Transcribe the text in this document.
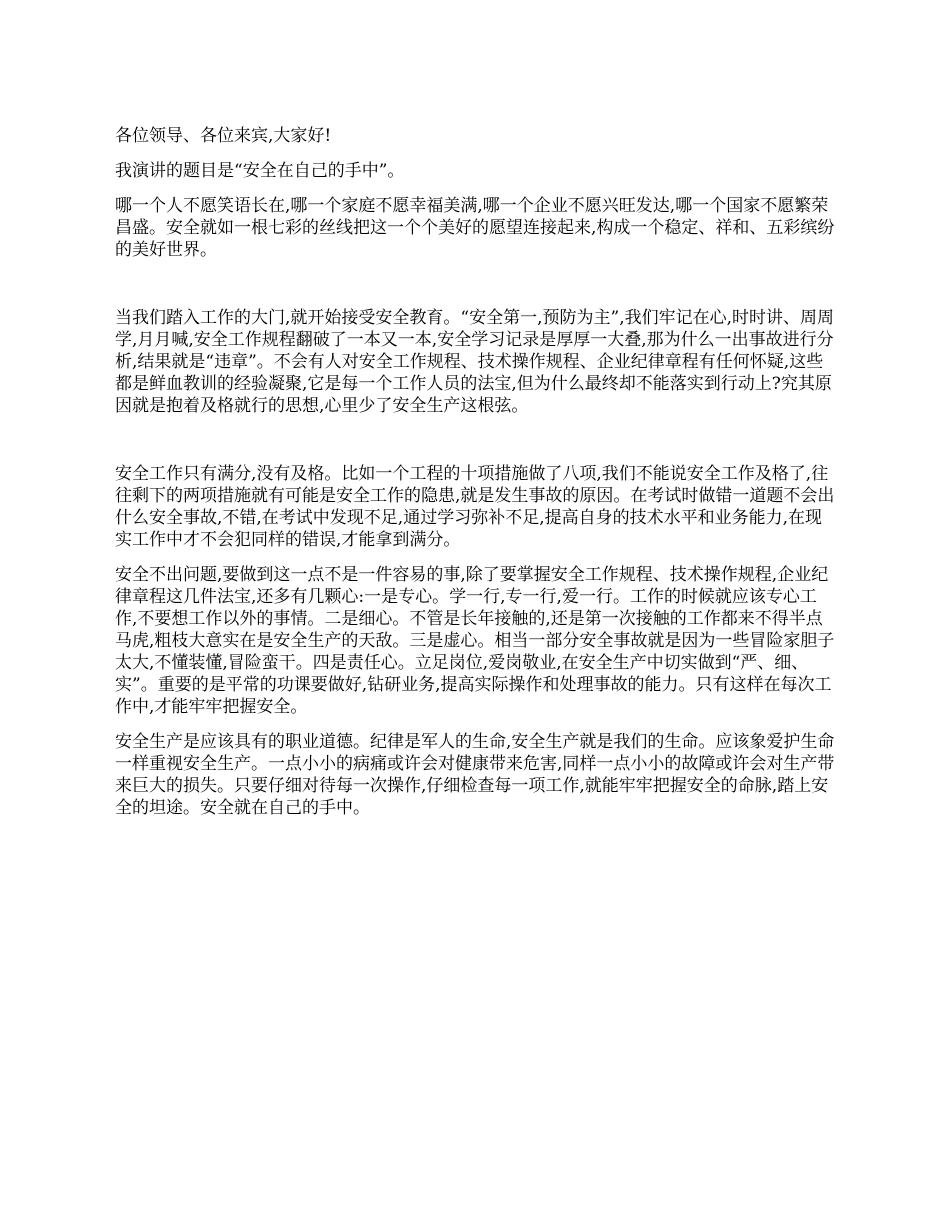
各位领导、各位来宾,大家好!

我演讲的题目是“安全在自己的手中”。

哪一个人不愿笑语长在,哪一个家庭不愿幸福美满,哪一个企业不愿兴旺发达,哪一个国家不愿繁荣昌盛。安全就如一根七彩的丝线把这一个个美好的愿望连接起来,构成一个稳定、祥和、五彩缤纷的美好世界。

当我们踏入工作的大门,就开始接受安全教育。“安全第一,预防为主”,我们牢记在心,时时讲、周周学,月月喊,安全工作规程翻破了一本又一本,安全学习记录是厚厚一大叠,那为什么一出事故进行分析,结果就是“违章”。不会有人对安全工作规程、技术操作规程、企业纪律章程有任何怀疑,这些都是鲜血教训的经验凝聚,它是每一个工作人员的法宝,但为什么最终却不能落实到行动上?究其原因就是抱着及格就行的思想,心里少了安全生产这根弦。

安全工作只有满分,没有及格。比如一个工程的十项措施做了八项,我们不能说安全工作及格了,往往剩下的两项措施就有可能是安全工作的隐患,就是发生事故的原因。在考试时做错一道题不会出什么安全事故,不错,在考试中发现不足,通过学习弥补不足,提高自身的技术水平和业务能力,在现实工作中才不会犯同样的错误,才能拿到满分。

安全不出问题,要做到这一点不是一件容易的事,除了要掌握安全工作规程、技术操作规程,企业纪律章程这几件法宝,还多有几颗心:一是专心。学一行,专一行,爱一行。工作的时候就应该专心工作,不要想工作以外的事情。二是细心。不管是长年接触的,还是第一次接触的工作都来不得半点马虎,粗枝大意实在是安全生产的天敌。三是虚心。相当一部分安全事故就是因为一些冒险家胆子太大,不懂装懂,冒险蛮干。四是责任心。立足岗位,爱岗敬业,在安全生产中切实做到“严、细、实”。重要的是平常的功课要做好,钻研业务,提高实际操作和处理事故的能力。只有这样在每次工作中,才能牢牢把握安全。

安全生产是应该具有的职业道德。纪律是军人的生命,安全生产就是我们的生命。应该象爱护生命一样重视安全生产。一点小小的病痛或许会对健康带来危害,同样一点小小的故障或许会对生产带来巨大的损失。只要仔细对待每一次操作,仔细检查每一项工作,就能牢牢把握安全的命脉,踏上安全的坦途。安全就在自己的手中。
